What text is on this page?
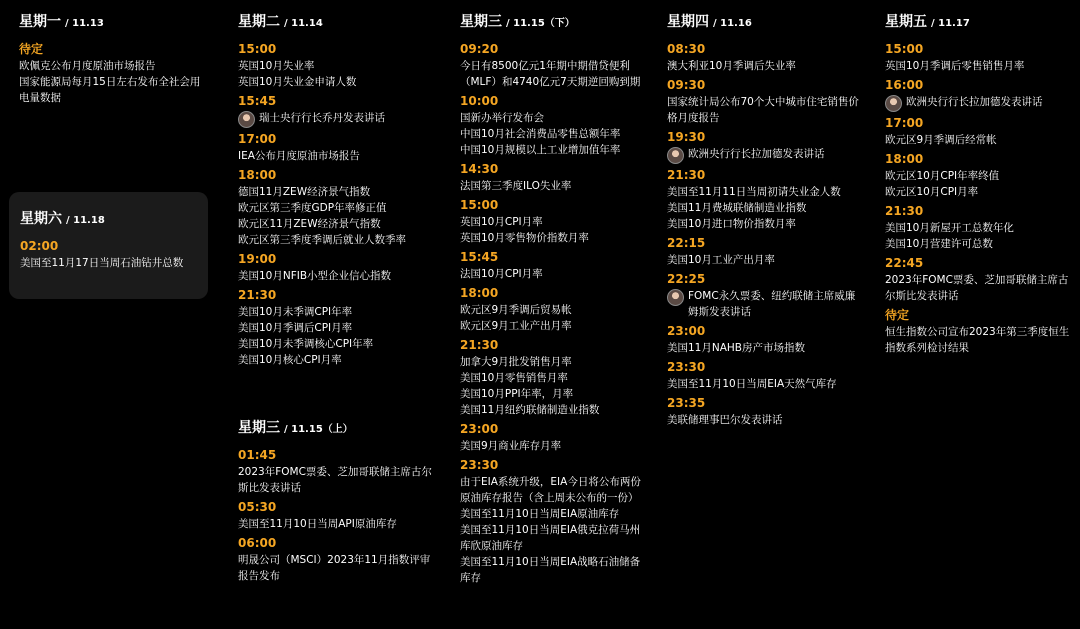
星期一 / 11.13
待定
欧佩克公布月度原油市场报告
国家能源局每月15日左右发布全社会用电量数据
星期六 / 11.18
02:00
美国至11月17日当周石油钻井总数
星期二 / 11.14
15:00
英国10月失业率
英国10月失业金申请人数
15:45
瑞士央行行长乔丹发表讲话
17:00
IEA公布月度原油市场报告
18:00
德国11月ZEW经济景气指数
欧元区第三季度GDP年率修正值
欧元区11月ZEW经济景气指数
欧元区第三季度季调后就业人数季率
19:00
美国10月NFIB小型企业信心指数
21:30
美国10月未季调CPI年率
美国10月季调后CPI月率
美国10月未季调核心CPI年率
美国10月核心CPI月率
星期三 / 11.15（上）
01:45
2023年FOMC票委、芝加哥联储主席古尔斯比发表讲话
05:30
美国至11月10日当周API原油库存
06:00
明晟公司（MSCI）2023年11月指数评审报告发布
星期三 / 11.15（下）
09:20
今日有8500亿元1年期中期借贷便利（MLF）和4740亿元7天期逆回购到期
10:00
国新办举行发布会
中国10月社会消费品零售总额年率
中国10月规模以上工业增加值年率
14:30
法国第三季度ILO失业率
15:00
英国10月CPI月率
英国10月零售物价指数月率
15:45
法国10月CPI月率
18:00
欧元区9月季调后贸易帐
欧元区9月工业产出月率
21:30
加拿大9月批发销售月率
美国10月零售销售月率
美国10月PPI年率，月率
美国11月纽约联储制造业指数
23:00
美国9月商业库存月率
23:30
由于EIA系统升级，EIA今日将公布两份原油库存报告（含上周未公布的一份）
美国至11月10日当周EIA原油库存
美国至11月10日当周EIA俄克拉荷马州库欣原油库存
美国至11月10日当周EIA战略石油储备库存
星期四 / 11.16
08:30
澳大利亚10月季调后失业率
09:30
国家统计局公布70个大中城市住宅销售价格月度报告
19:30
欧洲央行行长拉加德发表讲话
21:30
美国至11月11日当周初请失业金人数
美国11月费城联储制造业指数
美国10月进口物价指数月率
22:15
美国10月工业产出月率
22:25
FOMC永久票委、纽约联储主席威廉姆斯发表讲话
23:00
美国11月NAHB房产市场指数
23:30
美国至11月10日当周EIA天然气库存
23:35
美联储理事巴尔发表讲话
星期五 / 11.17
15:00
英国10月季调后零售销售月率
16:00
欧洲央行行长拉加德发表讲话
17:00
欧元区9月季调后经常帐
18:00
欧元区10月CPI年率终值
欧元区10月CPI月率
21:30
美国10月新屋开工总数年化
美国10月营建许可总数
22:45
2023年FOMC票委、芝加哥联储主席古尔斯比发表讲话
待定
恒生指数公司宣布2023年第三季度恒生指数系列检讨结果
